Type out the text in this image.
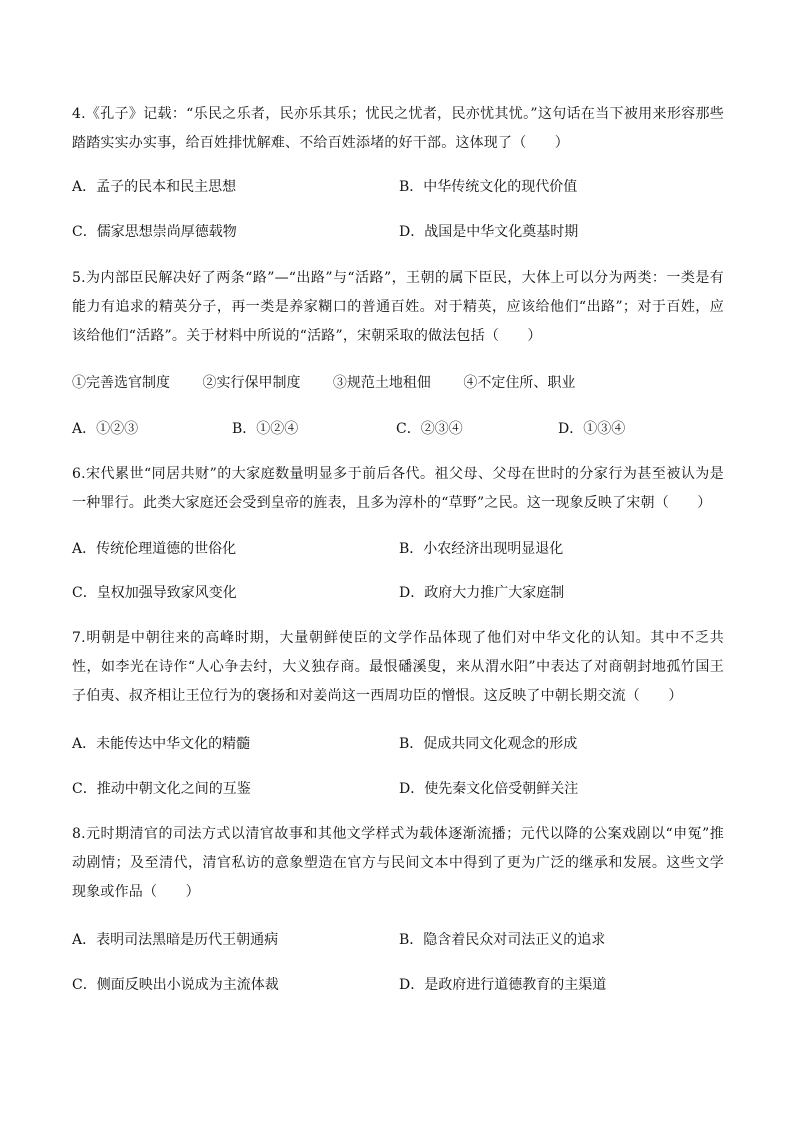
4.《孔子》记载：“乐民之乐者，民亦乐其乐；忧民之忧者，民亦忧其忧。”这句话在当下被用来形容那些踏踏实实办实事，给百姓排忧解难、不给百姓添堵的好干部。这体现了（　　）

A．孟子的民本和民主思想	B．中华传统文化的现代价值
C．儒家思想崇尚厚德载物	D．战国是中华文化奠基时期

5.为内部臣民解决好了两条“路”—“出路”与“活路”，王朝的属下臣民，大体上可以分为两类：一类是有能力有追求的精英分子，再一类是养家糊口的普通百姓。对于精英，应该给他们“出路”；对于百姓，应该给他们“活路”。关于材料中所说的“活路”，宋朝采取的做法包括（　　）

①完善选官制度 ②实行保甲制度 ③规范土地租佃 ④不定住所、职业
A．①②③	B．①②④	C．②③④	D．①③④

6.宋代累世“同居共财”的大家庭数量明显多于前后各代。祖父母、父母在世时的分家行为甚至被认为是一种罪行。此类大家庭还会受到皇帝的旌表，且多为淳朴的“草野”之民。这一现象反映了宋朝（　　）

A．传统伦理道德的世俗化	B．小农经济出现明显退化
C．皇权加强导致家风变化	D．政府大力推广大家庭制

7.明朝是中朝往来的高峰时期，大量朝鲜使臣的文学作品体现了他们对中华文化的认知。其中不乏共性，如李光在诗作“人心争去纣，大义独存商。最恨磻溪叟，来从渭水阳”中表达了对商朝封地孤竹国王子伯夷、叔齐相让王位行为的褒扬和对姜尚这一西周功臣的憎恨。这反映了中朝长期交流（　　）

A．未能传达中华文化的精髓	B．促成共同文化观念的形成
C．推动中朝文化之间的互鉴	D．使先秦文化倍受朝鲜关注

8.元时期清官的司法方式以清官故事和其他文学样式为载体逐渐流播；元代以降的公案戏剧以“申冤”推动剧情；及至清代，清官私访的意象塑造在官方与民间文本中得到了更为广泛的继承和发展。这些文学现象或作品（　　）

A．表明司法黑暗是历代王朝通病	B．隐含着民众对司法正义的追求
C．侧面反映出小说成为主流体裁	D．是政府进行道德教育的主渠道
